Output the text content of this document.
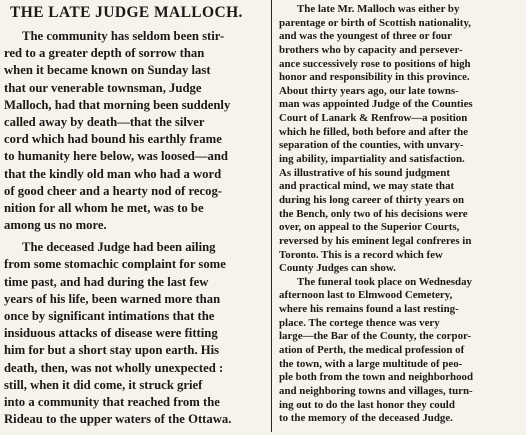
THE LATE JUDGE MALLOCH.
The community has seldom been stir-
red to a greater depth of sorrow than
when it became known on Sunday last
that our venerable townsman, Judge
Malloch, had that morning been suddenly
called away by death—that the silver
cord which had bound his earthly frame
to humanity here below, was loosed—and
that the kindly old man who had a word
of good cheer and a hearty nod of recog-
nition for all whom he met, was to be
among us no more.
The deceased Judge had been ailing
from some stomachic complaint for some
time past, and had during the last few
years of his life, been warned more than
once by significant intimations that the
insiduous attacks of disease were fitting
him for but a short stay upon earth. His
death, then, was not wholly unexpected :
still, when it did come, it struck grief
into a community that reached from the
Rideau to the upper waters of the Ottawa.
The late Mr. Malloch was either by
parentage or birth of Scottish nationality,
and was the youngest of three or four
brothers who by capacity and persever-
ance successively rose to positions of high
honor and responsibility in this province.
About thirty years ago, our late towns-
man was appointed Judge of the Counties
Court of Lanark & Renfrow—a position
which he filled, both before and after the
separation of the counties, with unvary-
ing ability, impartiality and satisfaction.
As illustrative of his sound judgment
and practical mind, we may state that
during his long career of thirty years on
the Bench, only two of his decisions were
over, on appeal to the Superior Courts,
reversed by his eminent legal confreres in
Toronto. This is a record which few
County Judges can show.
The funeral took place on Wednesday
afternoon last to Elmwood Cemetery,
where his remains found a last resting-
place. The cortege thence was very
large—the Bar of the County, the corpor-
ation of Perth, the medical profession of
the town, with a large multitude of peo-
ple both from the town and neighborhood
and neighboring towns and villages, turn-
ing out to do the last honor they could
to the memory of the deceased Judge.
